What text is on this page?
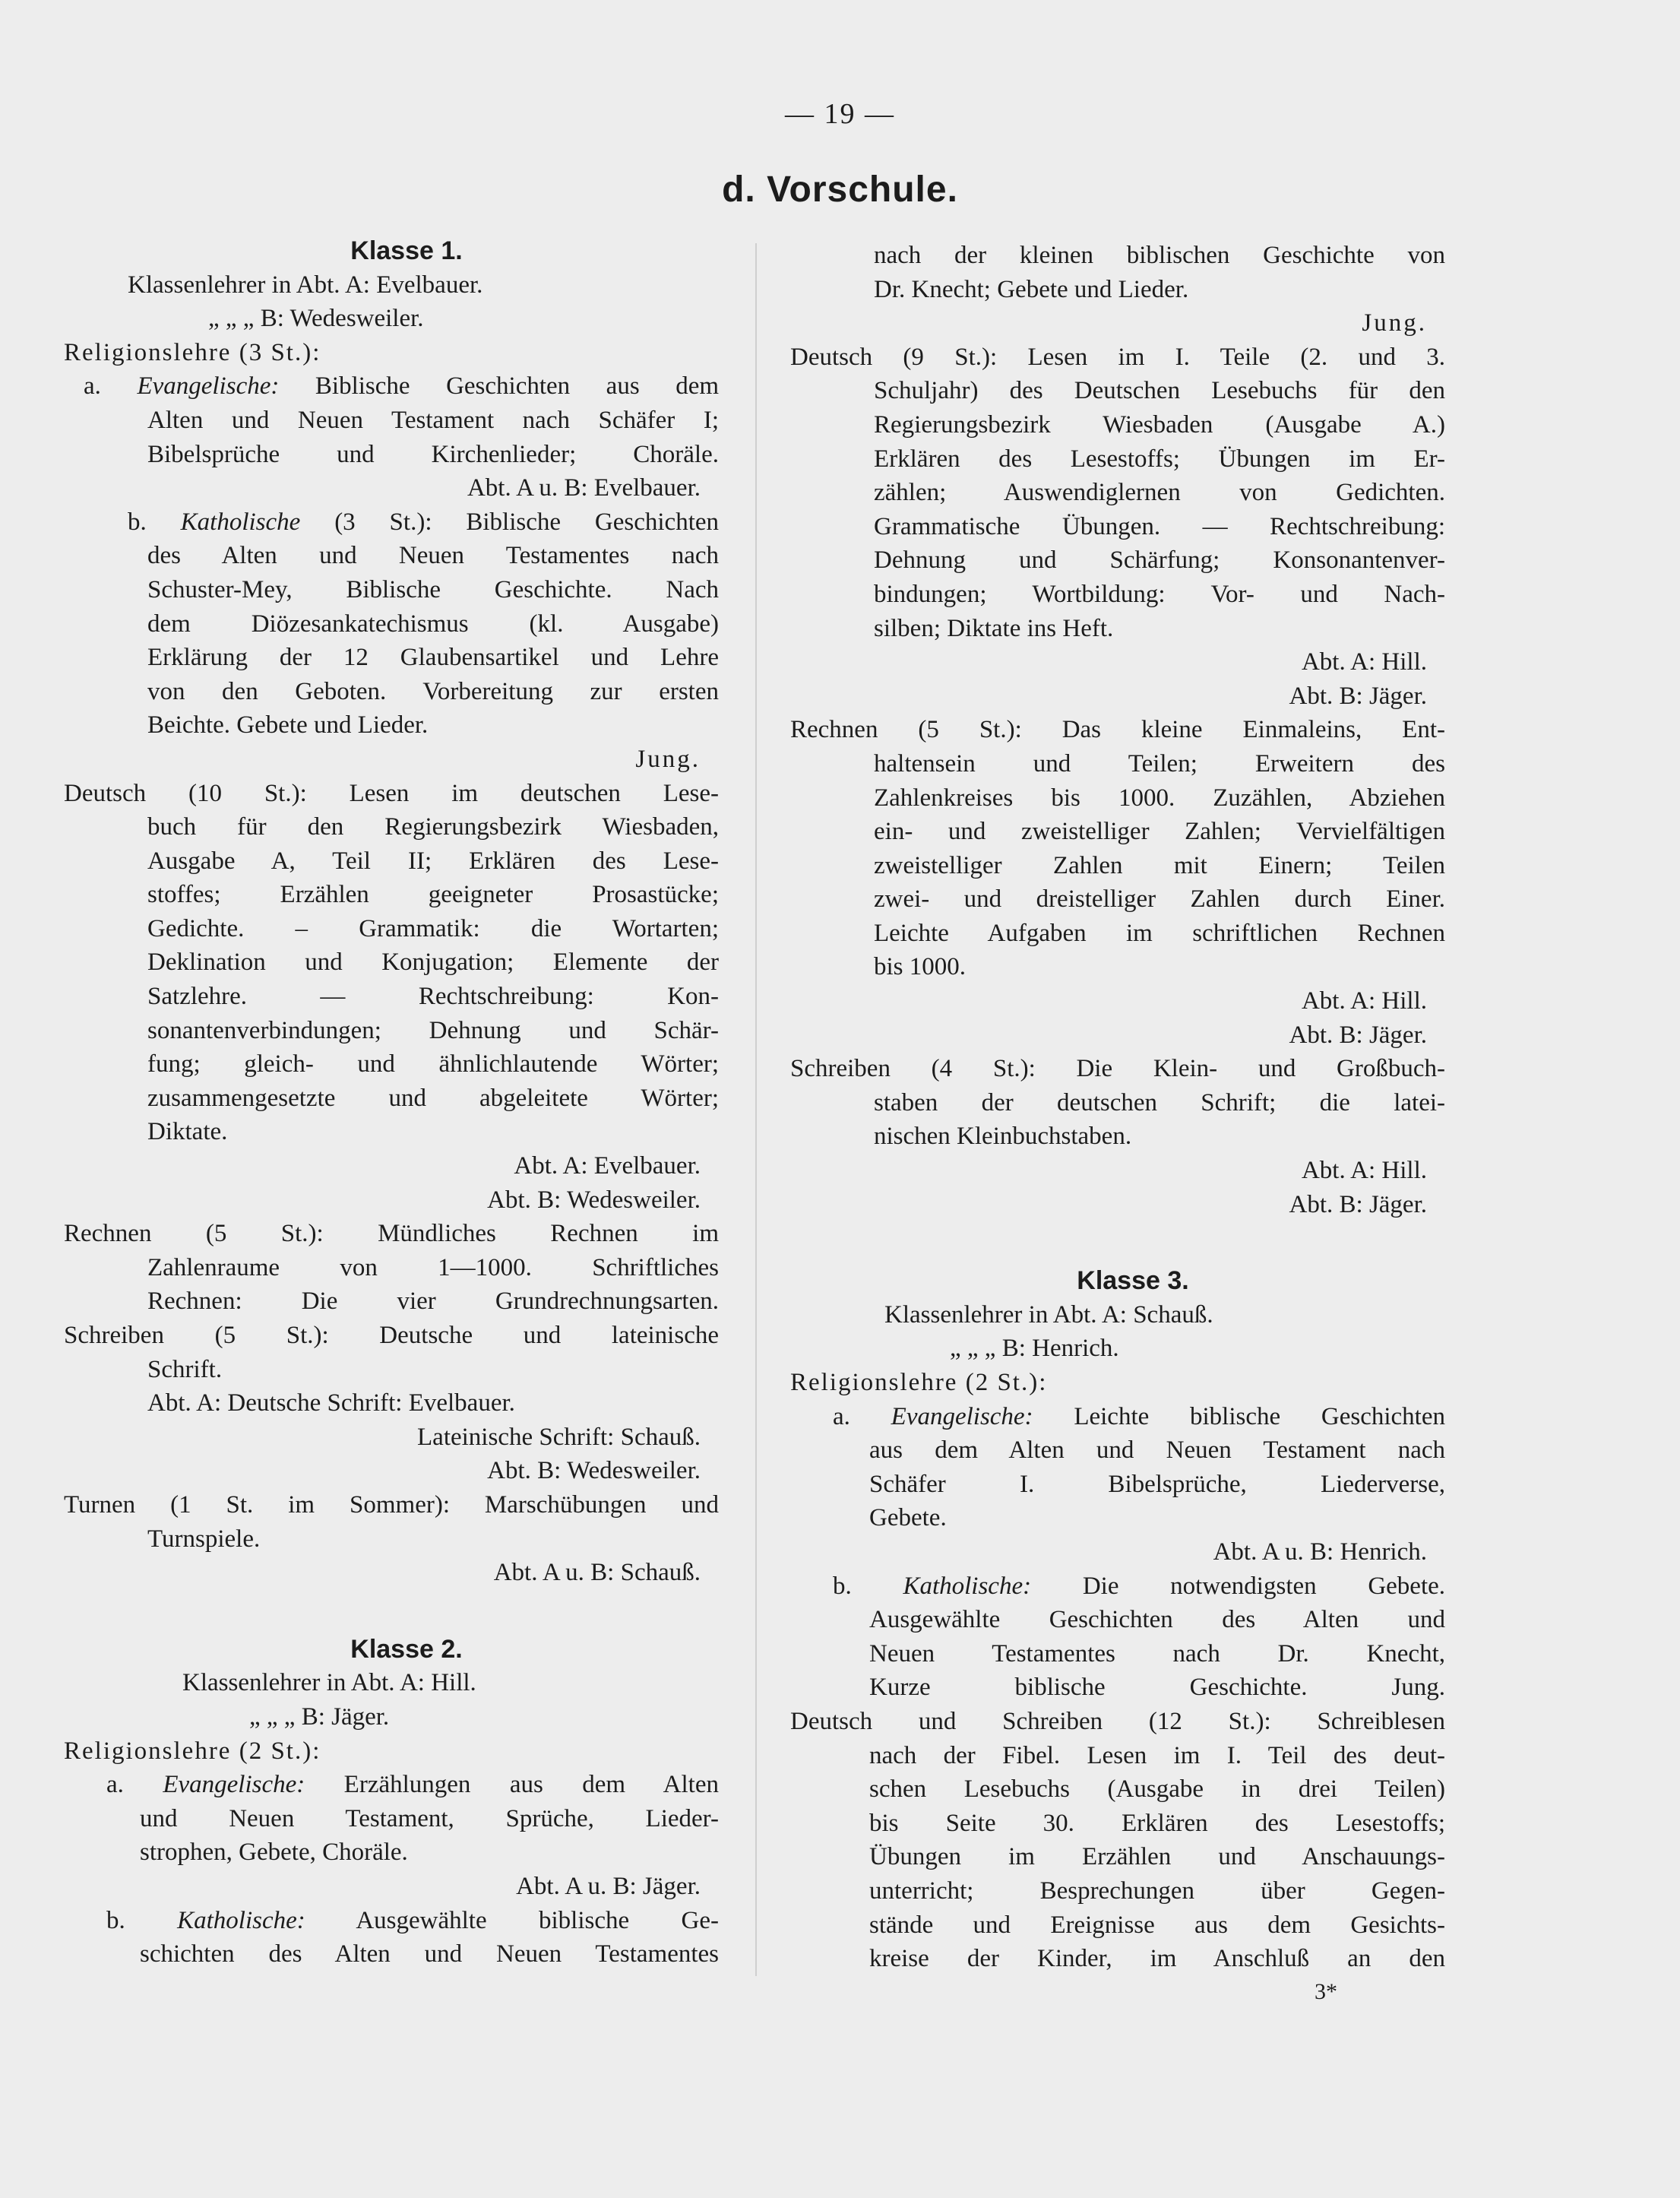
— 19 —
d. Vorschule.
Klasse 1.
Klassenlehrer in Abt. A: Evelbauer.
„ „ „ B: Wedesweiler.
Religionslehre (3 St.):
a. Evangelische: Biblische Geschichten aus dem
Alten und Neuen Testament nach Schäfer I;
Bibelsprüche und Kirchenlieder; Choräle.
Abt. A u. B: Evelbauer.
b. Katholische (3 St.): Biblische Geschichten
des Alten und Neuen Testamentes nach
Schuster-Mey, Biblische Geschichte. Nach
dem Diözesankatechismus (kl. Ausgabe)
Erklärung der 12 Glaubensartikel und Lehre
von den Geboten. Vorbereitung zur ersten
Beichte. Gebete und Lieder.
Jung.
Deutsch (10 St.): Lesen im deutschen Lese-
buch für den Regierungsbezirk Wiesbaden,
Ausgabe A, Teil II; Erklären des Lese-
stoffes; Erzählen geeigneter Prosastücke;
Gedichte. – Grammatik: die Wortarten;
Deklination und Konjugation; Elemente der
Satzlehre. — Rechtschreibung: Kon-
sonantenverbindungen; Dehnung und Schär-
fung; gleich- und ähnlichlautende Wörter;
zusammengesetzte und abgeleitete Wörter;
Diktate.
Abt. A: Evelbauer.
Abt. B: Wedesweiler.
Rechnen (5 St.): Mündliches Rechnen im
Zahlenraume von 1—1000. Schriftliches
Rechnen: Die vier Grundrechnungsarten.
Schreiben (5 St.): Deutsche und lateinische
Schrift.
Abt. A: Deutsche Schrift: Evelbauer.
Lateinische Schrift: Schauß.
Abt. B: Wedesweiler.
Turnen (1 St. im Sommer): Marschübungen und
Turnspiele.
Abt. A u. B: Schauß.
Klasse 2.
Klassenlehrer in Abt. A: Hill.
„ „ „ B: Jäger.
Religionslehre (2 St.):
a. Evangelische: Erzählungen aus dem Alten
und Neuen Testament, Sprüche, Lieder-
strophen, Gebete, Choräle.
Abt. A u. B: Jäger.
b. Katholische: Ausgewählte biblische Ge-
schichten des Alten und Neuen Testamentes
nach der kleinen biblischen Geschichte von
Dr. Knecht; Gebete und Lieder.
Jung.
Deutsch (9 St.): Lesen im I. Teile (2. und 3.
Schuljahr) des Deutschen Lesebuchs für den
Regierungsbezirk Wiesbaden (Ausgabe A.)
Erklären des Lesestoffs; Übungen im Er-
zählen; Auswendiglernen von Gedichten.
Grammatische Übungen. — Rechtschreibung:
Dehnung und Schärfung; Konsonantenver-
bindungen; Wortbildung: Vor- und Nach-
silben; Diktate ins Heft.
Abt. A: Hill.
Abt. B: Jäger.
Rechnen (5 St.): Das kleine Einmaleins, Ent-
haltensein und Teilen; Erweitern des
Zahlenkreises bis 1000. Zuzählen, Abziehen
ein- und zweistelliger Zahlen; Vervielfältigen
zweistelliger Zahlen mit Einern; Teilen
zwei- und dreistelliger Zahlen durch Einer.
Leichte Aufgaben im schriftlichen Rechnen
bis 1000.
Abt. A: Hill.
Abt. B: Jäger.
Schreiben (4 St.): Die Klein- und Großbuch-
staben der deutschen Schrift; die latei-
nischen Kleinbuchstaben.
Abt. A: Hill.
Abt. B: Jäger.
Klasse 3.
Klassenlehrer in Abt. A: Schauß.
„ „ „ B: Henrich.
Religionslehre (2 St.):
a. Evangelische: Leichte biblische Geschichten
aus dem Alten und Neuen Testament nach
Schäfer I. Bibelsprüche, Liederverse,
Gebete.
Abt. A u. B: Henrich.
b. Katholische: Die notwendigsten Gebete.
Ausgewählte Geschichten des Alten und
Neuen Testamentes nach Dr. Knecht,
Kurze biblische Geschichte. Jung.
Deutsch und Schreiben (12 St.): Schreiblesen
nach der Fibel. Lesen im I. Teil des deut-
schen Lesebuchs (Ausgabe in drei Teilen)
bis Seite 30. Erklären des Lesestoffs;
Übungen im Erzählen und Anschauungs-
unterricht; Besprechungen über Gegen-
stände und Ereignisse aus dem Gesichts-
kreise der Kinder, im Anschluß an den
3*
